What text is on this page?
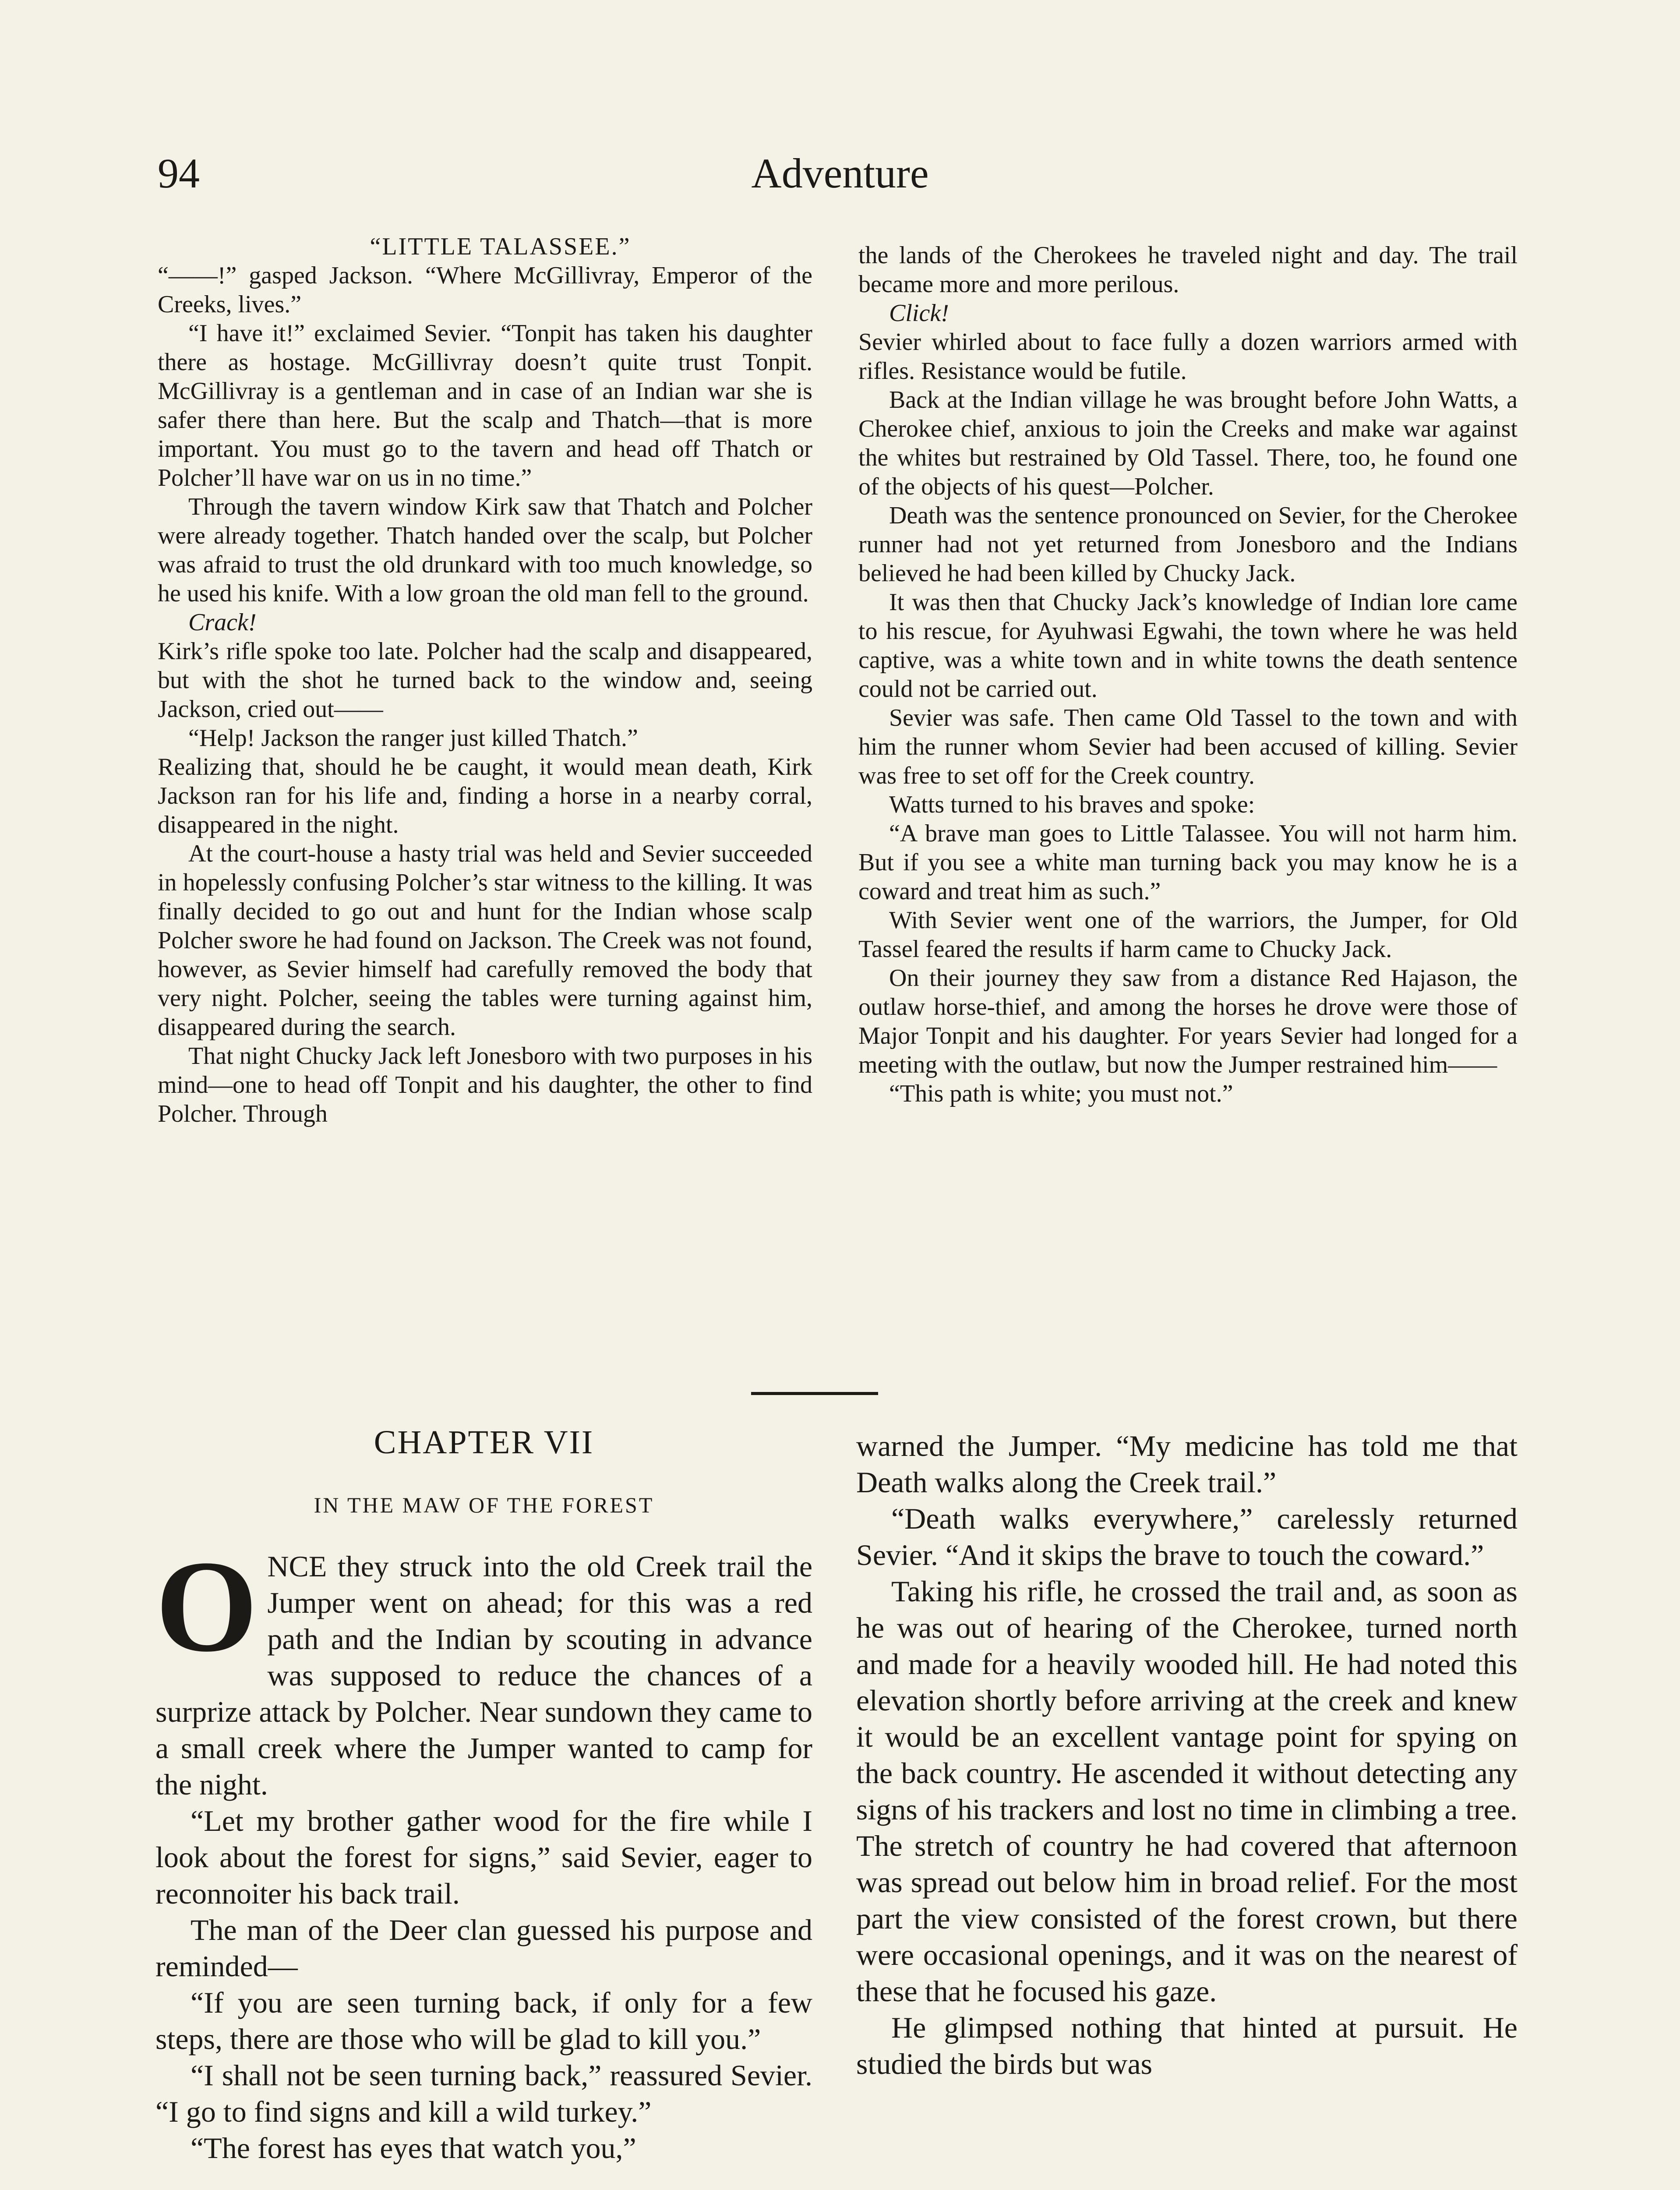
94	Adventure

“LITTLE TALASSEE.”

“——!” gasped Jackson. “Where McGillivray, Emperor of the Creeks, lives.”

“I have it!” exclaimed Sevier. “Tonpit has taken his daughter there as hostage. McGillivray doesn’t quite trust Tonpit. McGillivray is a gentleman and in case of an Indian war she is safer there than here. But the scalp and Thatch—that is more important. You must go to the tavern and head off Thatch or Polcher’ll have war on us in no time.”

Through the tavern window Kirk saw that Thatch and Polcher were already together. Thatch handed over the scalp, but Polcher was afraid to trust the old drunkard with too much knowledge, so he used his knife. With a low groan the old man fell to the ground.

Crack!

Kirk’s rifle spoke too late. Polcher had the scalp and disappeared, but with the shot he turned back to the window and, seeing Jackson, cried out——

“Help! Jackson the ranger just killed Thatch.”

Realizing that, should he be caught, it would mean death, Kirk Jackson ran for his life and, finding a horse in a nearby corral, disappeared in the night.

At the court-house a hasty trial was held and Sevier succeeded in hopelessly confusing Polcher’s star witness to the killing. It was finally decided to go out and hunt for the Indian whose scalp Polcher swore he had found on Jackson. The Creek was not found, however, as Sevier himself had carefully removed the body that very night. Polcher, seeing the tables were turning against him, disappeared during the search.

That night Chucky Jack left Jonesboro with two purposes in his mind—one to head off Tonpit and his daughter, the other to find Polcher. Through

the lands of the Cherokees he traveled night and day. The trail became more and more perilous.

Click!

Sevier whirled about to face fully a dozen warriors armed with rifles. Resistance would be futile.

Back at the Indian village he was brought before John Watts, a Cherokee chief, anxious to join the Creeks and make war against the whites but restrained by Old Tassel. There, too, he found one of the objects of his quest—Polcher.

Death was the sentence pronounced on Sevier, for the Cherokee runner had not yet returned from Jonesboro and the Indians believed he had been killed by Chucky Jack.

It was then that Chucky Jack’s knowledge of Indian lore came to his rescue, for Ayuhwasi Egwahi, the town where he was held captive, was a white town and in white towns the death sentence could not be carried out.

Sevier was safe. Then came Old Tassel to the town and with him the runner whom Sevier had been accused of killing. Sevier was free to set off for the Creek country.

Watts turned to his braves and spoke:

“A brave man goes to Little Talassee. You will not harm him. But if you see a white man turning back you may know he is a coward and treat him as such.”

With Sevier went one of the warriors, the Jumper, for Old Tassel feared the results if harm came to Chucky Jack.

On their journey they saw from a distance Red Hajason, the outlaw horse-thief, and among the horses he drove were those of Major Tonpit and his daughter. For years Sevier had longed for a meeting with the outlaw, but now the Jumper restrained him——

“This path is white; you must not.”

CHAPTER VII
IN THE MAW OF THE FOREST

ONCE they struck into the old Creek trail the Jumper went on ahead; for this was a red path and the Indian by scouting in advance was supposed to reduce the chances of a surprize attack by Polcher. Near sundown they came to a small creek where the Jumper wanted to camp for the night.

“Let my brother gather wood for the fire while I look about the forest for signs,” said Sevier, eager to reconnoiter his back trail.

The man of the Deer clan guessed his purpose and reminded—

“If you are seen turning back, if only for a few steps, there are those who will be glad to kill you.”

“I shall not be seen turning back,” reassured Sevier. “I go to find signs and kill a wild turkey.”

“The forest has eyes that watch you,”

warned the Jumper. “My medicine has told me that Death walks along the Creek trail.”

“Death walks everywhere,” carelessly returned Sevier. “And it skips the brave to touch the coward.”

Taking his rifle, he crossed the trail and, as soon as he was out of hearing of the Cherokee, turned north and made for a heavily wooded hill. He had noted this elevation shortly before arriving at the creek and knew it would be an excellent vantage point for spying on the back country. He ascended it without detecting any signs of his trackers and lost no time in climbing a tree. The stretch of country he had covered that afternoon was spread out below him in broad relief. For the most part the view consisted of the forest crown, but there were occasional openings, and it was on the nearest of these that he focused his gaze.

He glimpsed nothing that hinted at pursuit. He studied the birds but was
